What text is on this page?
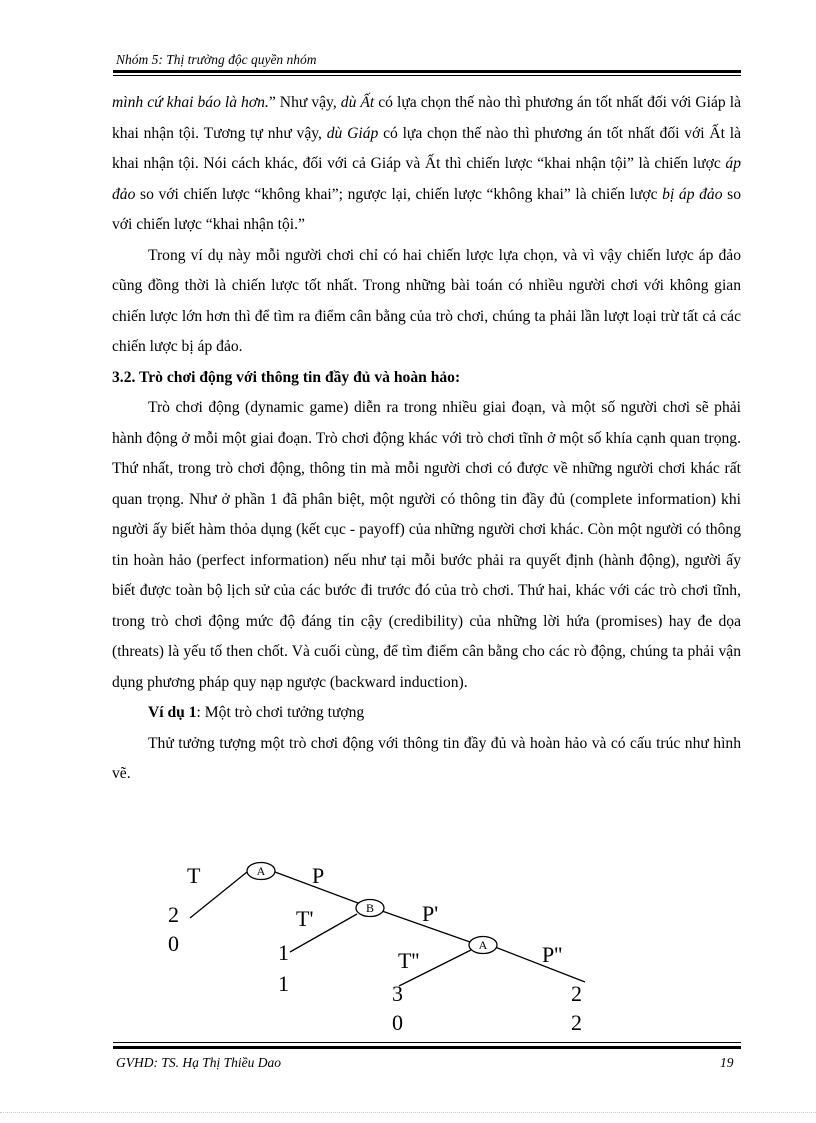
Nhóm 5: Thị trường độc quyền nhóm

mình cứ khai báo là hơn.” Như vậy, dù Ất có lựa chọn thế nào thì phương án tốt nhất đối với Giáp là khai nhận tội. Tương tự như vậy, dù Giáp có lựa chọn thế nào thì phương án tốt nhất đối với Ất là khai nhận tội. Nói cách khác, đối với cả Giáp và Ất thì chiến lược “khai nhận tội” là chiến lược áp đảo so với chiến lược “không khai”; ngược lại, chiến lược “không khai” là chiến lược bị áp đảo so với chiến lược “khai nhận tội.”

Trong ví dụ này mỗi người chơi chỉ có hai chiến lược lựa chọn, và vì vậy chiến lược áp đảo cũng đồng thời là chiến lược tốt nhất. Trong những bài toán có nhiều người chơi với không gian chiến lược lớn hơn thì để tìm ra điểm cân bằng của trò chơi, chúng ta phải lần lượt loại trừ tất cả các chiến lược bị áp đảo.

3.2. Trò chơi động với thông tin đầy đủ và hoàn hảo:

Trò chơi động (dynamic game) diễn ra trong nhiều giai đoạn, và một số người chơi sẽ phải hành động ở mỗi một giai đoạn. Trò chơi động khác với trò chơi tĩnh ở một số khía cạnh quan trọng. Thứ nhất, trong trò chơi động, thông tin mà mỗi người chơi có được về những người chơi khác rất quan trọng. Như ở phần 1 đã phân biệt, một người có thông tin đầy đủ (complete information) khi người ấy biết hàm thỏa dụng (kết cục - payoff) của những người chơi khác. Còn một người có thông tin hoàn hảo (perfect information) nếu như tại mỗi bước phải ra quyết định (hành động), người ấy biết được toàn bộ lịch sử của các bước đi trước đó của trò chơi. Thứ hai, khác với các trò chơi tĩnh, trong trò chơi động mức độ đáng tin cậy (credibility) của những lời hứa (promises) hay đe dọa (threats) là yếu tố then chốt. Và cuối cùng, để tìm điểm cân bằng cho các rò động, chúng ta phải vận dụng phương pháp quy nạp ngược (backward induction).

Ví dụ 1: Một trò chơi tưởng tượng

Thử tưởng tượng một trò chơi động với thông tin đầy đủ và hoàn hảo và có cấu trúc như hình vẽ.

A
B
A
T	P
T'	P'
T''	P''
2
0	1
1	3
0
2
2
GVHD: TS. Hạ Thị Thiều Dao	19
